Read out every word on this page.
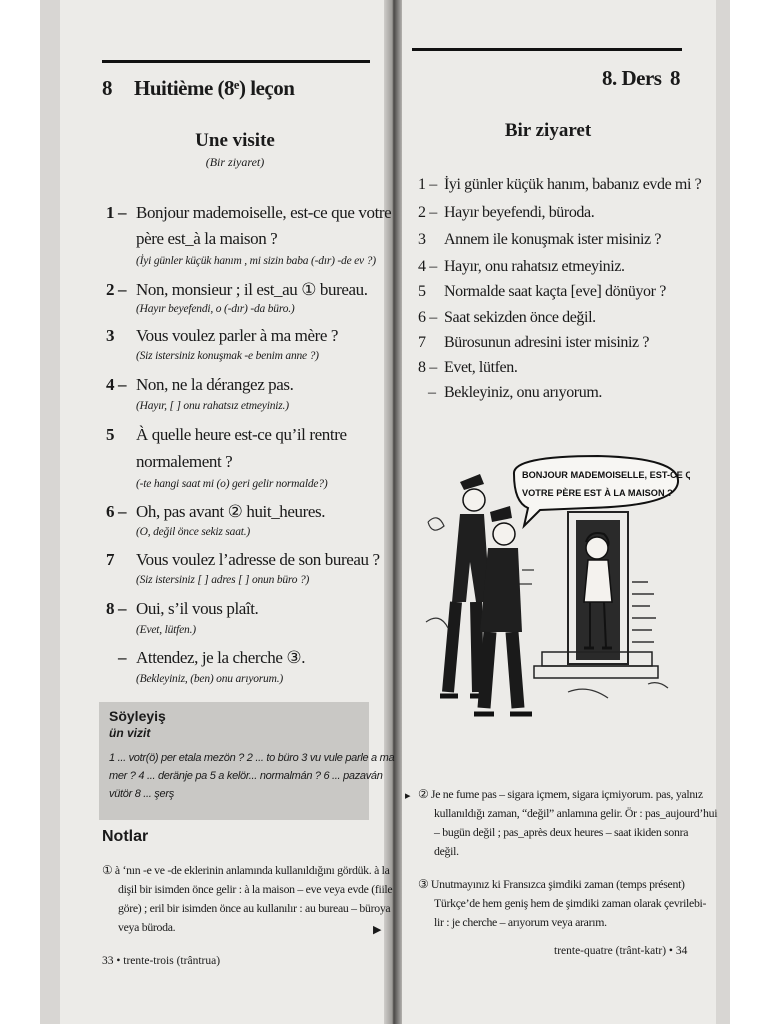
8 Huitième (8ᵉ) leçon
Une visite
(Bir ziyaret)
1 – Bonjour mademoiselle, est-ce que votre
père est_à la maison ?
(İyi günler küçük hanım , mi sizin baba (-dır) -de ev ?)
2 – Non, monsieur ; il est_au ① bureau.
(Hayır beyefendi, o (-dır) -da büro.)
3	Vous voulez parler à ma mère ?
(Siz istersiniz konuşmak -e benim anne ?)
4 – Non, ne la dérangez pas.
(Hayır, [ ] onu rahatsız etmeyiniz.)
5	À quelle heure est-ce qu’il rentre
normalement ?
(-te hangi saat mi (o) geri gelir normalde?)
6 – Oh, pas avant ② huit_heures.
(O, değil önce sekiz saat.)
7	Vous voulez l’adresse de son bureau ?
(Siz istersiniz [ ] adres [ ] onun büro ?)
8 – Oui, s’il vous plaît.
(Evet, lütfen.)
– Attendez, je la cherche ③.
(Bekleyiniz, (ben) onu arıyorum.)
Söyleyiş
ün vizit
1 ... votr(ö) per etala mezön ? 2 ... to büro 3 vu vule parle a ma
mer ? 4 ... deränje pa 5 a kelör... normalmán ? 6 ... pazaván
vütör 8 ... şerş
Notlar
① à ‘nın -e ve -de eklerinin anlamında kullanıldığını gördük. à la
dişil bir isimden önce gelir : à la maison – eve veya evde (fiile
göre) ; eril bir isimden önce au kullanılır : au bureau – büroya
veya büroda.	▶
33 • trente-trois (trântrua)
8. Ders 8
Bir ziyaret
1 – İyi günler küçük hanım, babanız evde mi ?
2 – Hayır beyefendi, büroda.
3	Annem ile konuşmak ister misiniz ?
4 – Hayır, onu rahatsız etmeyiniz.
5	Normalde saat kaçta [eve] dönüyor ?
6 – Saat sekizden önce değil.
7	Bürosunun adresini ister misiniz ?
8 – Evet, lütfen.
– Bekleyiniz, onu arıyorum.
BONJOUR MADEMOISELLE, EST-CE QUE
VOTRE PÈRE EST À LA MAISON ?
▸ ② Je ne fume pas – sigara içmem, sigara içmiyorum. pas, yalnız
kullanıldığı zaman, “değil” anlamına gelir. Ör : pas_aujourd’hui
– bugün değil ; pas_après deux heures – saat ikiden sonra
değil.
③ Unutmayınız ki Fransızca şimdiki zaman (temps présent)
Türkçe’de hem geniş hem de şimdiki zaman olarak çevrilebi-
lir : je cherche – arıyorum veya ararım.
trente-quatre (trânt-katr) • 34
